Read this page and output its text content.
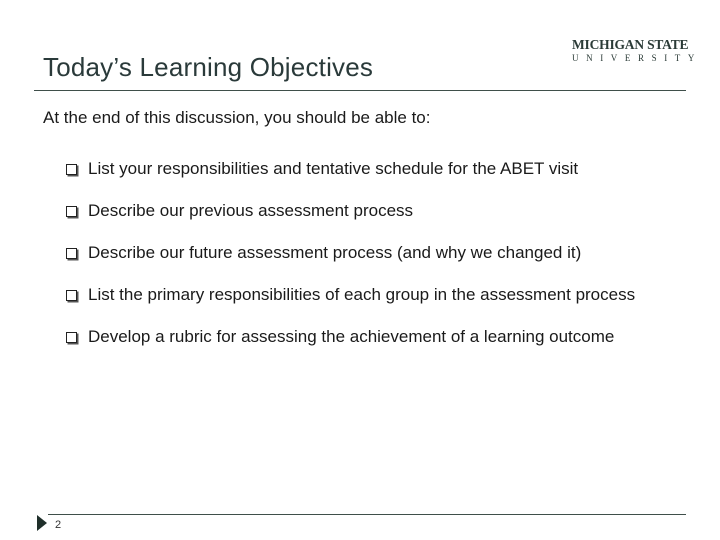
Today’s Learning Objectives
MICHIGAN STATE
UNIVERSITY
At the end of this discussion, you should be able to:
List your responsibilities and tentative schedule for the ABET visit
Describe our previous assessment process
Describe our future assessment process (and why we changed it)
List the primary responsibilities of each group in the assessment process
Develop a rubric for assessing the achievement of a learning outcome
2
